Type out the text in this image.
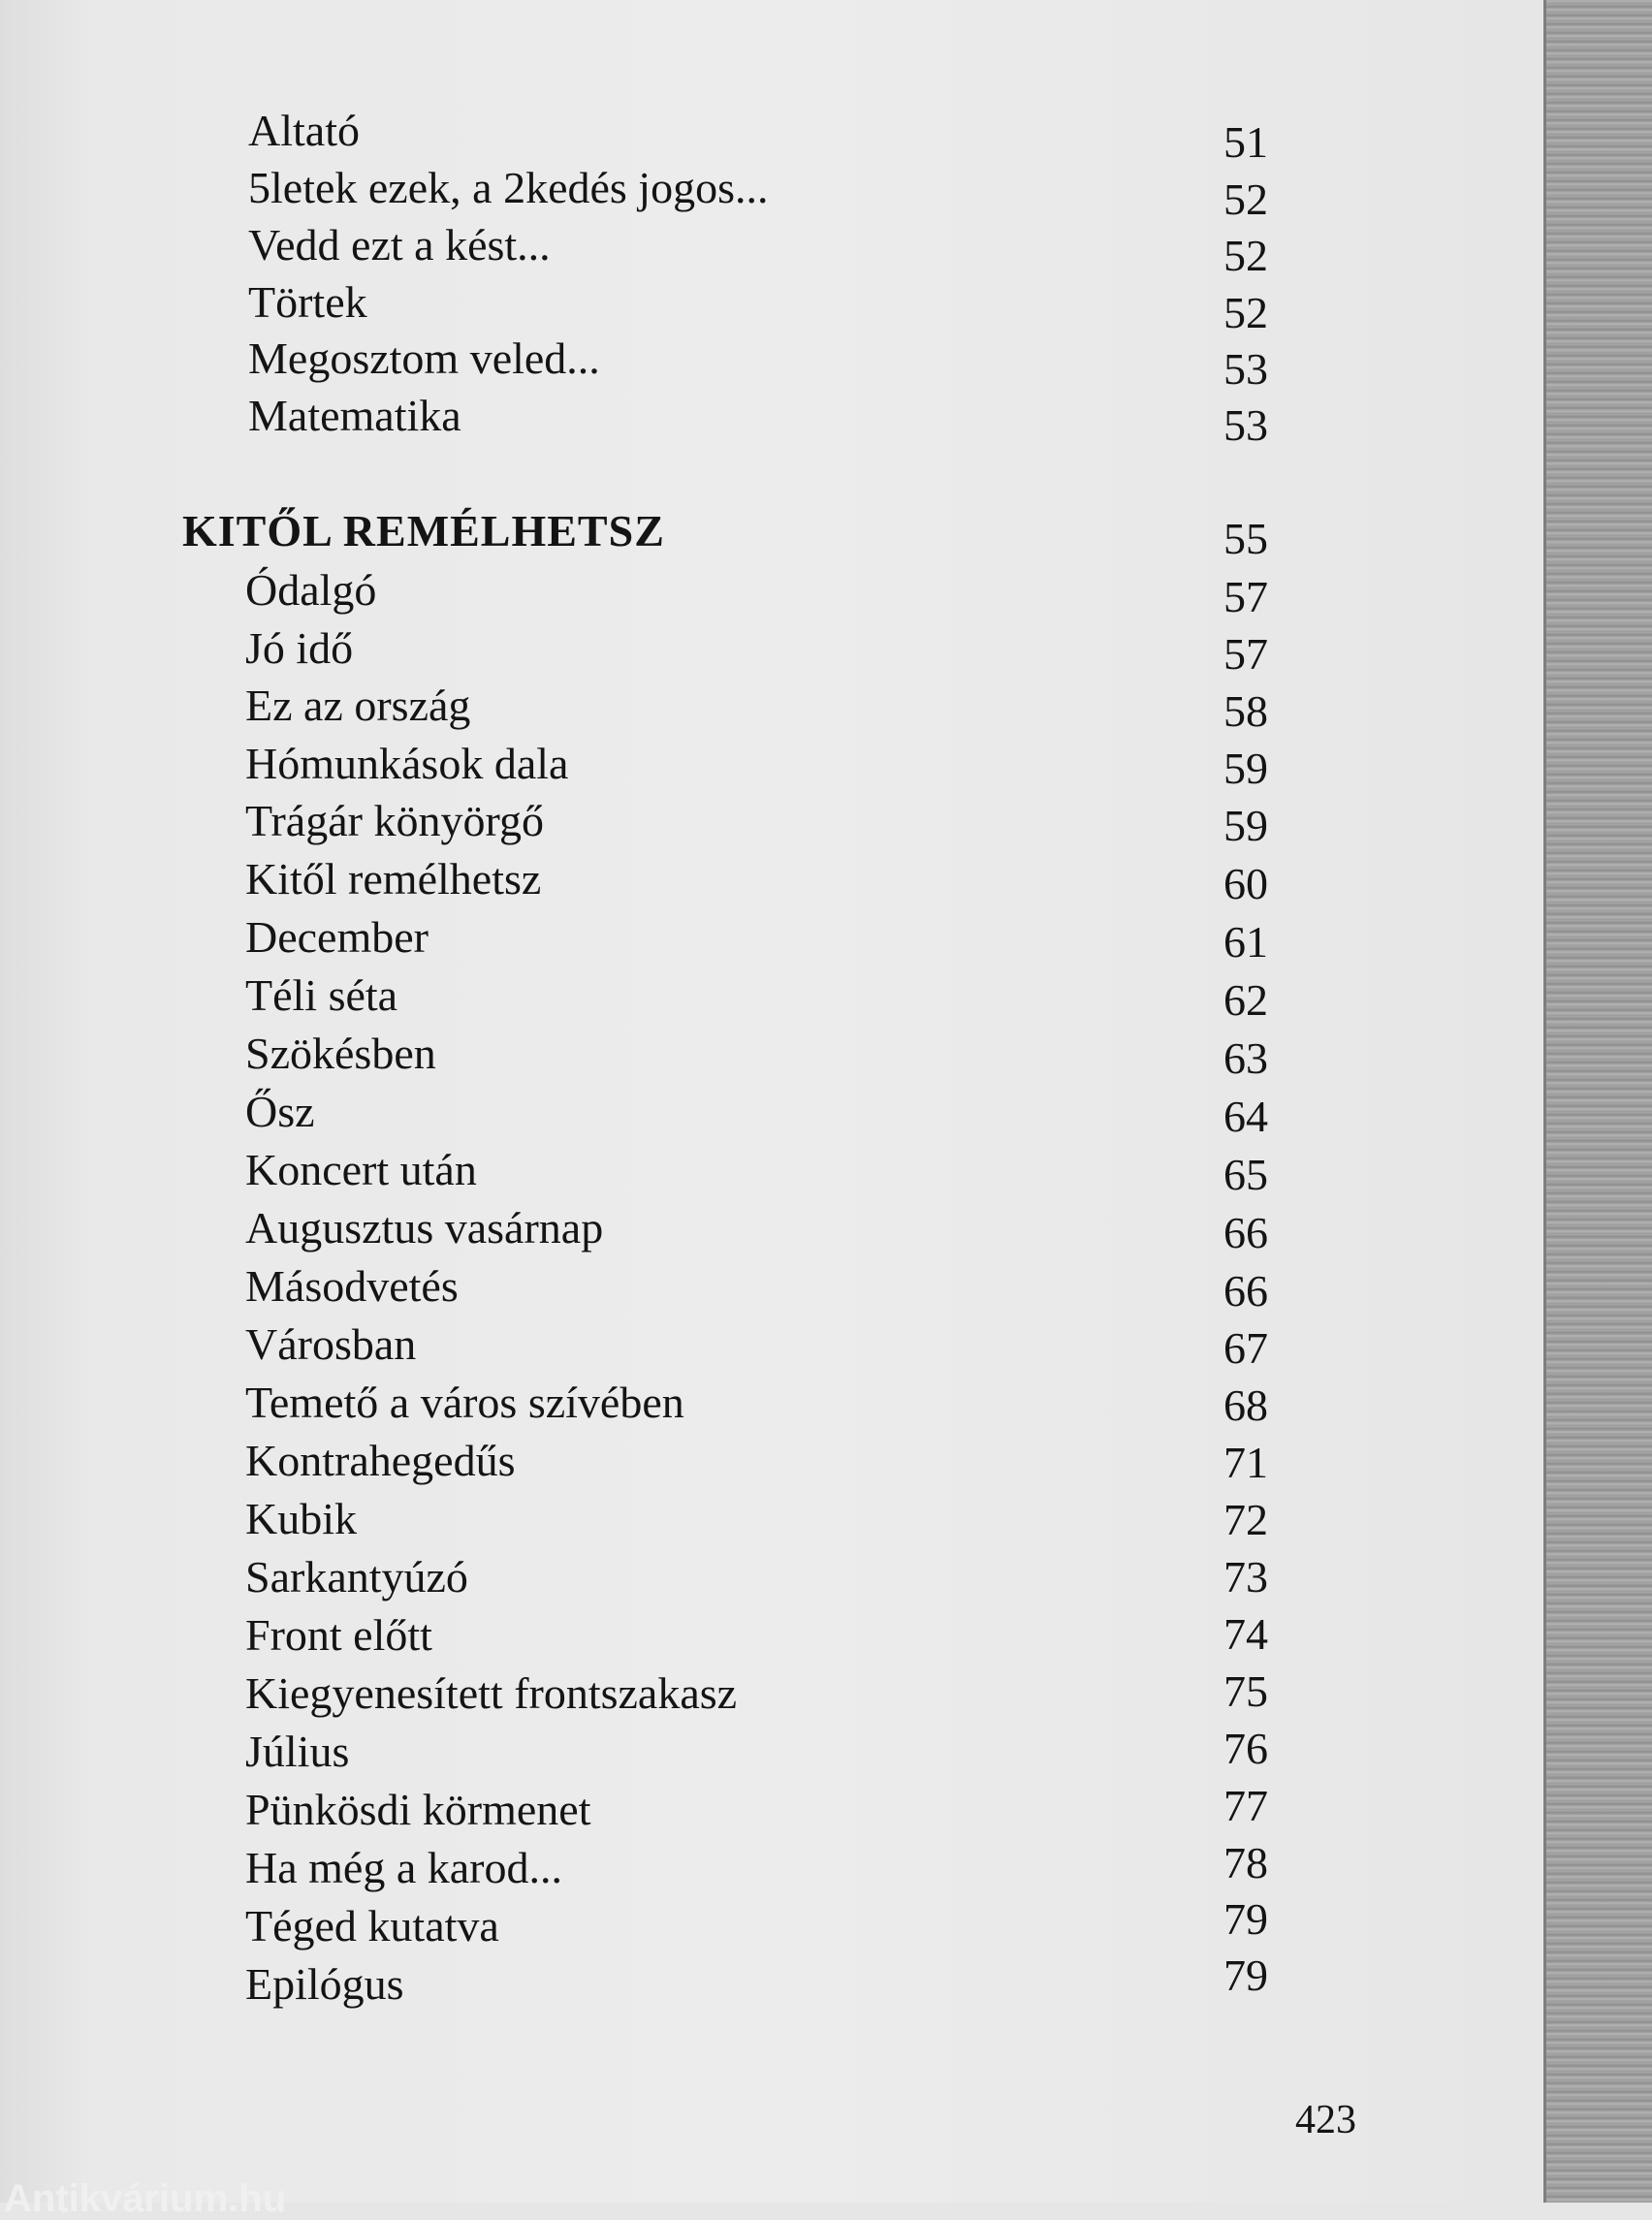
Altató	51
5letek ezek, a 2kedés jogos...	52
Vedd ezt a kést...	52
Törtek	52
Megosztom veled...	53
Matematika	53
KITŐL REMÉLHETSZ	55
Ódalgó	57
Jó idő	57
Ez az ország	58
Hómunkások dala	59
Trágár könyörgő	59
Kitől remélhetsz	60
December	61
Téli séta	62
Szökésben	63
Ősz	64
Koncert után	65
Augusztus vasárnap	66
Másodvetés	66
Városban	67
Temető a város szívében	68
Kontrahegedűs	71
Kubik	72
Sarkantyúzó	73
Front előtt	74
Kiegyenesített frontszakasz	75
Július	76
Pünkösdi körmenet	77
Ha még a karod...	78
Téged kutatva	79
Epilógus	79
423
Antikvárium.hu
